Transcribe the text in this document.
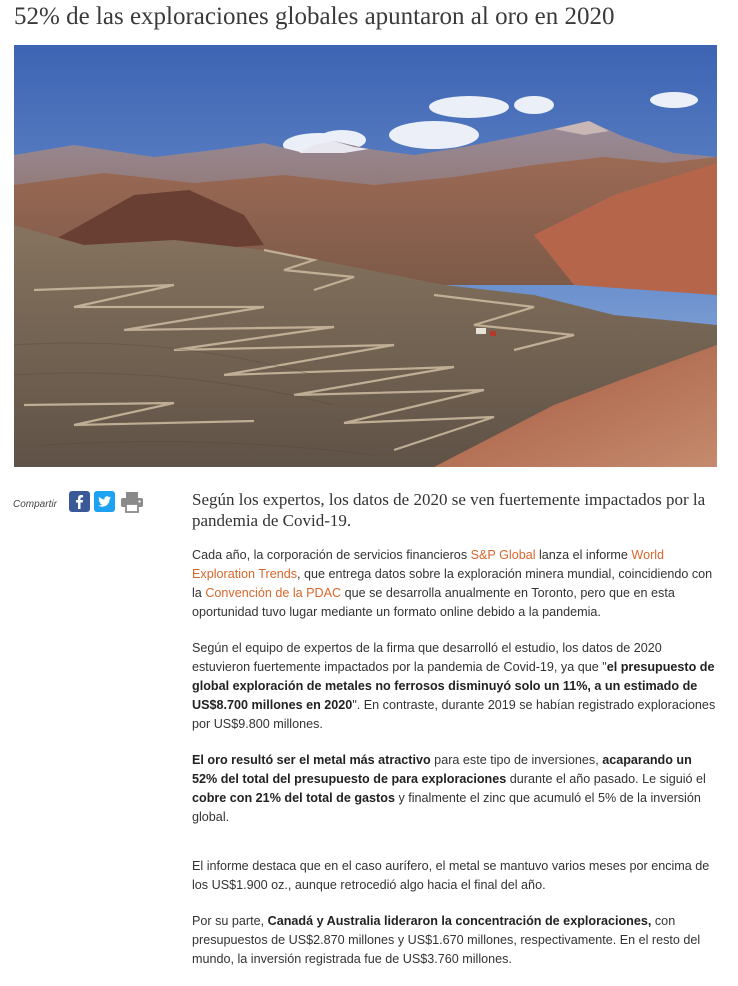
52% de las exploraciones globales apuntaron al oro en 2020
Compartir	Según los expertos, los datos de 2020 se ven fuertemente impactados por la pandemia de Covid-19.

Cada año, la corporación de servicios financieros S&P Global lanza el informe World Exploration Trends, que entrega datos sobre la exploración minera mundial, coincidiendo con la Convención de la PDAC que se desarrolla anualmente en Toronto, pero que en esta oportunidad tuvo lugar mediante un formato online debido a la pandemia.

Según el equipo de expertos de la firma que desarrolló el estudio, los datos de 2020 estuvieron fuertemente impactados por la pandemia de Covid-19, ya que "el presupuesto de global exploración de metales no ferrosos disminuyó solo un 11%, a un estimado de US$8.700 millones en 2020". En contraste, durante 2019 se habían registrado exploraciones por US$9.800 millones.

El oro resultó ser el metal más atractivo para este tipo de inversiones, acaparando un 52% del total del presupuesto de para exploraciones durante el año pasado. Le siguió el cobre con 21% del total de gastos y finalmente el zinc que acumuló el 5% de la inversión global.

El informe destaca que en el caso aurífero, el metal se mantuvo varios meses por encima de los US$1.900 oz., aunque retrocedió algo hacia el final del año.

Por su parte, Canadá y Australia lideraron la concentración de exploraciones, con presupuestos de US$2.870 millones y US$1.670 millones, respectivamente. En el resto del mundo, la inversión registrada fue de US$3.760 millones.
